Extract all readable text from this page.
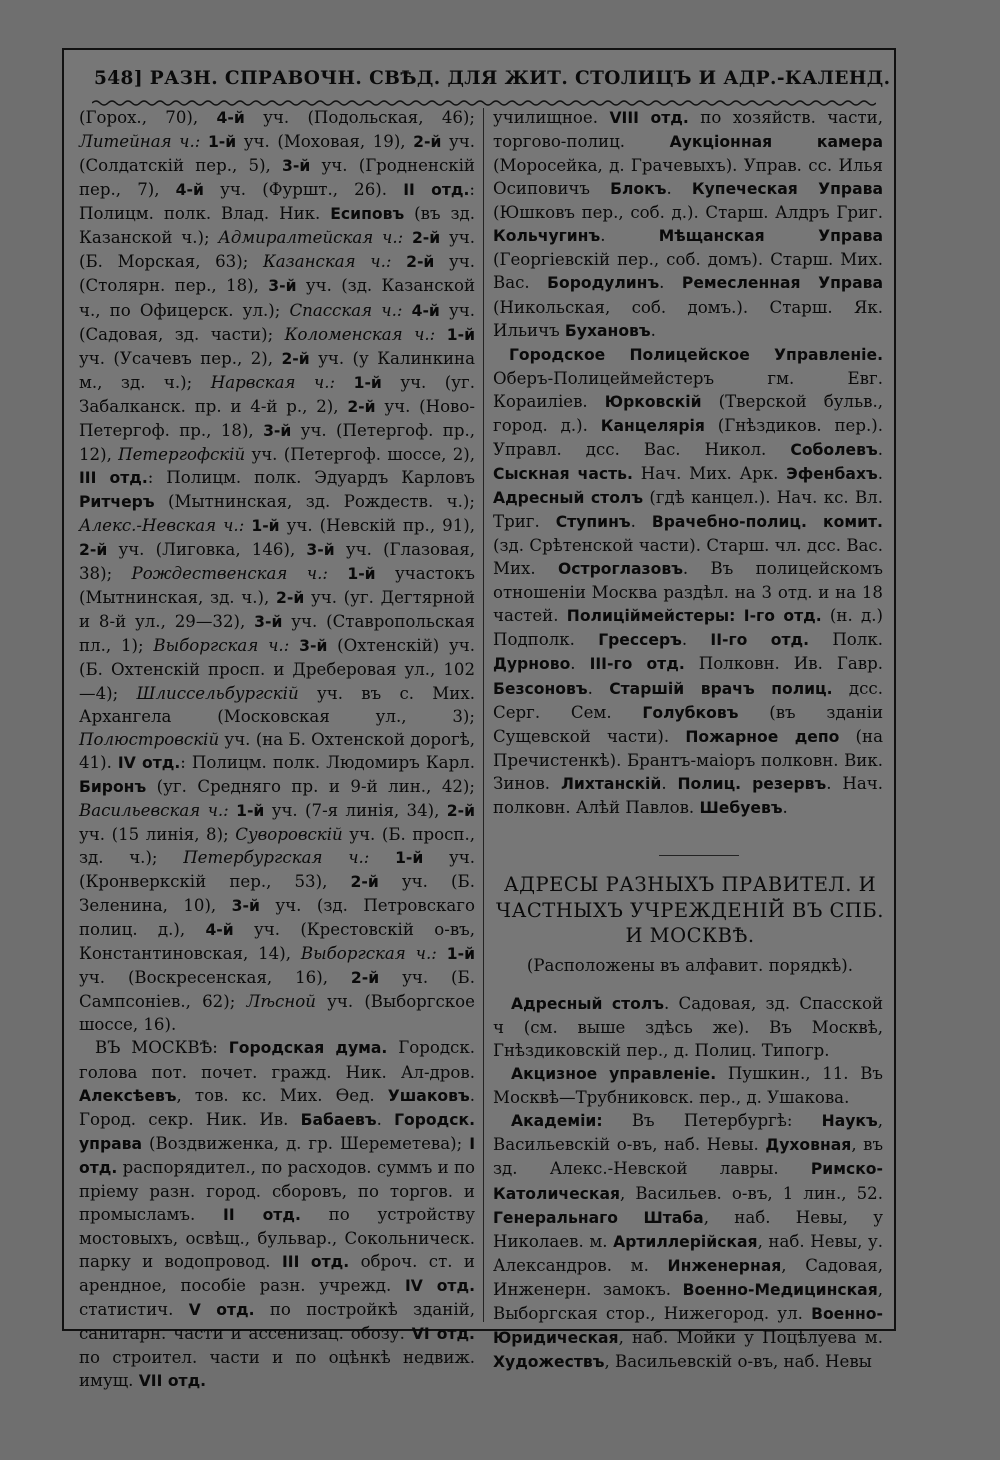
548] РАЗН. СПРАВОЧН. СВѢД. ДЛЯ ЖИТ. СТОЛИЦЪ И АДР.-КАЛЕНД.

(Горох., 70), 4-й уч. (Подольская, 46); Литейная ч.: 1-й уч. (Моховая, 19), 2-й уч. (Солдатскій пер., 5), 3-й уч. (Гродненскій пер., 7), 4-й уч. (Фуршт., 26). II отд.: Полицм. полк. Влад. Ник. Есиповъ (въ зд. Казанской ч.); Адмиралтейская ч.: 2-й уч. (Б. Морская, 63); Казанская ч.: 2-й уч. (Столярн. пер., 18), 3-й уч. (зд. Казанской ч., по Офицерск. ул.); Спасская ч.: 4-й уч. (Садовая, зд. части); Коломенская ч.: 1-й уч. (Усачевъ пер., 2), 2-й уч. (у Калинкина м., зд. ч.); Нарвская ч.: 1-й уч. (уг. Забалканск. пр. и 4-й р., 2), 2-й уч. (Ново-Петергоф. пр., 18), 3-й уч. (Петергоф. пр., 12), Петергофскій уч. (Петергоф. шоссе, 2), III отд.: Полицм. полк. Эдуардъ Карловъ Ритчеръ (Мытнинская, зд. Рождеств. ч.); Алекс.-Невская ч.: 1-й уч. (Невскій пр., 91), 2-й уч. (Лиговка, 146), 3-й уч. (Глазовая, 38); Рождественская ч.: 1-й участокъ (Мытнинская, зд. ч.), 2-й уч. (уг. Дегтярной и 8-й ул., 29—32), 3-й уч. (Ставропольская пл., 1); Выборгская ч.: 3-й (Охтенскій) уч. (Б. Охтенскій просп. и Дреберовая ул., 102—4); Шлиссельбургскій уч. въ с. Мих. Архангела (Московская ул., 3); Полюстровскій уч. (на Б. Охтенской дорогѣ, 41). IV отд.: Полицм. полк. Людомиръ Карл. Биронъ (уг. Средняго пр. и 9-й лин., 42); Васильевская ч.: 1-й уч. (7-я линія, 34), 2-й уч. (15 линія, 8); Суворовскій уч. (Б. просп., зд. ч.); Петербургская ч.: 1-й уч. (Кронверкскій пер., 53), 2-й уч. (Б. Зеленина, 10), 3-й уч. (зд. Петровскаго полиц. д.), 4-й уч. (Крестовскій о-въ, Константиновская, 14), Выборгская ч.: 1-й уч. (Воскресенская, 16), 2-й уч. (Б. Сампсоніев., 62); Лѣсной уч. (Выборгское шоссе, 16).

ВЪ МОСКВѢ: Городская дума. Городск. голова пот. почет. гражд. Ник. Ал-дров. Алексѣевъ, тов. кс. Мих. Ѳед. Ушаковъ. Город. секр. Ник. Ив. Бабаевъ. Городск. управа (Воздвиженка, д. гр. Шереметева); I отд. распорядител., по расходов. суммъ и по пріему разн. город. сборовъ, по торгов. и промысламъ. II отд. по устройству мостовыхъ, освѣщ., бульвар., Сокольническ. парку и водопровод. III отд. оброч. ст. и арендное, пособіе разн. учрежд. IV отд. статистич. V отд. по постройкѣ зданій, санитарн. части и ассенизац. обозу. VI отд. по строител. части и по оцѣнкѣ недвиж. имущ. VII отд.

училищное. VIII отд. по хозяйств. части, торгово-полиц. Аукціонная камера (Моросейка, д. Грачевыхъ). Управ. сс. Илья Осиповичъ Блокъ. Купеческая Управа (Юшковъ пер., соб. д.). Старш. Алдръ Григ. Кольчугинъ. Мѣщанская Управа (Георгіевскій пер., соб. домъ). Старш. Мих. Вас. Бородулинъ. Ремесленная Управа (Никольская, соб. домъ.). Старш. Як. Ильичъ Бухановъ.

Городское Полицейское Управленіе. Оберъ-Полицеймейстеръ гм. Евг. Кораиліев. Юрковскій (Тверской бульв., город. д.). Канцелярія (Гнѣздиков. пер.). Управл. дсс. Вас. Никол. Соболевъ. Сыскная часть. Нач. Мих. Арк. Эфенбахъ. Адресный столъ (гдѣ канцел.). Нач. кс. Вл. Триг. Ступинъ. Врачебно-полиц. комит. (зд. Срѣтенской части). Старш. чл. дсс. Вас. Мих. Остроглазовъ. Въ полицейскомъ отношеніи Москва раздѣл. на 3 отд. и на 18 частей. Полиціймейстеры: I-го отд. (н. д.) Подполк. Грессеръ. II-го отд. Полк. Дурново. III-го отд. Полковн. Ив. Гавр. Безсоновъ. Старшій врачъ полиц. дсс. Серг. Сем. Голубковъ (въ зданіи Сущевской части). Пожарное депо (на Пречистенкѣ). Брантъ-маіоръ полковн. Вик. Зинов. Лихтанскій. Полиц. резервъ. Нач. полковн. Алѣй Павлов. Шебуевъ.

АДРЕСЫ РАЗНЫХЪ ПРАВИТЕЛ. И
ЧАСТНЫХЪ УЧРЕЖДЕНІЙ ВЪ СПБ.
И МОСКВѢ.
(Расположены въ алфавит. порядкѣ).

Адресный столъ. Садовая, зд. Спасской ч (см. выше здѣсь же). Въ Москвѣ, Гнѣздиковскій пер., д. Полиц. Типогр.

Акцизное управленіе. Пушкин., 11. Въ Москвѣ—Трубниковск. пер., д. Ушакова.

Академіи: Въ Петербургѣ: Наукъ, Васильевскій о-въ, наб. Невы. Духовная, въ зд. Алекс.-Невской лавры. Римско-Католическая, Васильев. о-въ, 1 лин., 52. Генеральнаго Штаба, наб. Невы, у Николаев. м. Артиллерійская, наб. Невы, у. Александров. м. Инженерная, Садовая, Инженерн. замокъ. Военно-Медицинская, Выборгская стор., Нижегород. ул. Военно-Юридическая, наб. Мойки у Поцѣлуева м. Художествъ, Васильевскій о-въ, наб. Невы
